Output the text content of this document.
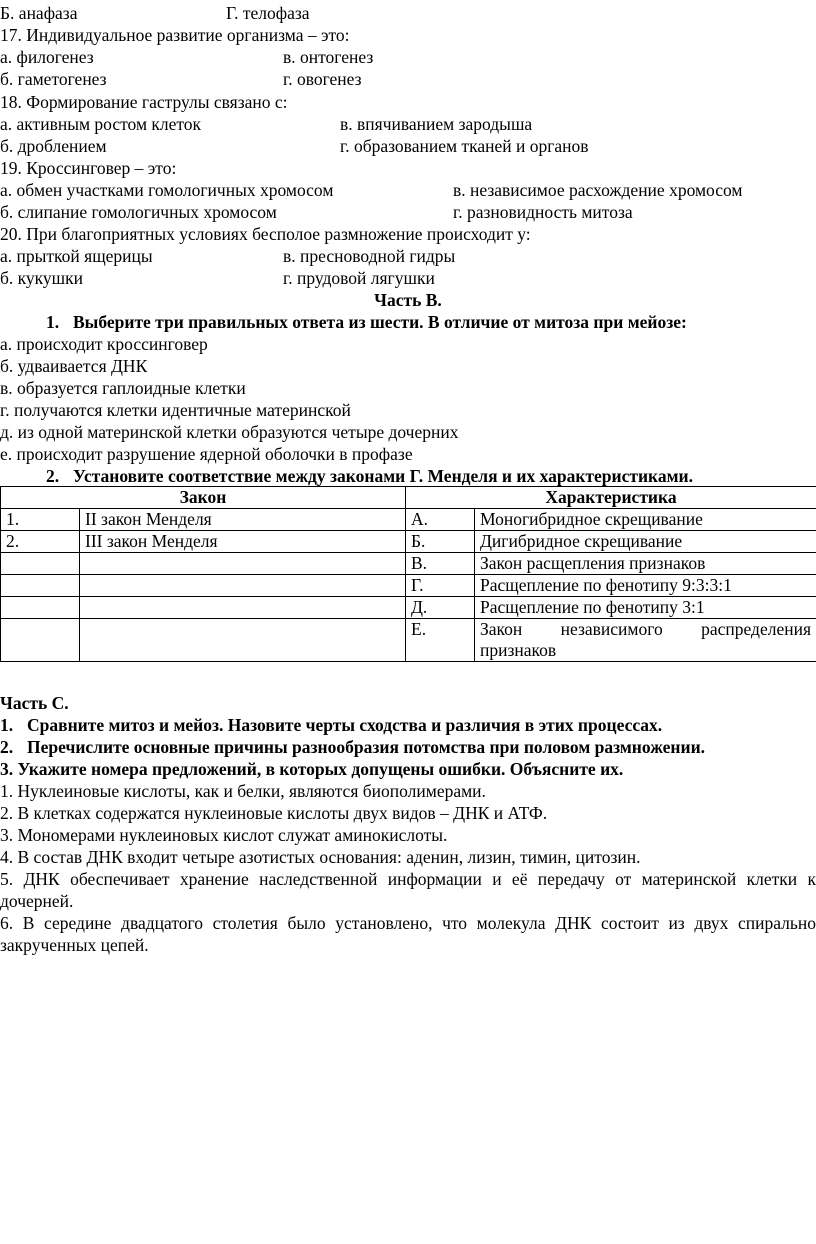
Б. анафаза	Г. телофаза
17. Индивидуальное развитие организма – это:
а. филогенез	в. онтогенез
б. гаметогенез	г. овогенез
18. Формирование гаструлы связано с:
а. активным ростом клеток	в. впячиванием зародыша
б. дроблением	г. образованием тканей и органов
19. Кроссинговер – это:
а. обмен участками гомологичных хромосом	в. независимое расхождение хромосом
б. слипание гомологичных хромосом	г. разновидность митоза
20. При благоприятных условиях бесполое размножение происходит у:
а. прыткой ящерицы	в. пресноводной гидры
б. кукушки	г. прудовой лягушки
Часть В.
1. Выберите три правильных ответа из шести. В отличие от митоза при мейозе:
а. происходит кроссинговер
б. удваивается ДНК
в. образуется гаплоидные клетки
г. получаются клетки идентичные материнской
д. из одной материнской клетки образуются четыре дочерних
е. происходит разрушение ядерной оболочки в профазе
2. Установите соответствие между законами Г. Менделя и их характеристиками.
Закон		Характеристика	
1.	II закон Менделя	А.	Моногибридное скрещивание
2.	III закон Менделя	Б.	Дигибридное скрещивание
		В.	Закон расщепления признаков
		Г.	Расщепление по фенотипу 9:3:3:1
		Д.	Расщепление по фенотипу 3:1
		Е.	Закон независимого распределения
признаков
Часть С.
1. Сравните митоз и мейоз. Назовите черты сходства и различия в этих процессах.
2. Перечислите основные причины разнообразия потомства при половом размножении.
3. Укажите номера предложений, в которых допущены ошибки. Объясните их.
1. Нуклеиновые кислоты, как и белки, являются биополимерами.
2. В клетках содержатся нуклеиновые кислоты двух видов – ДНК и АТФ.
3. Мономерами нуклеиновых кислот служат аминокислоты.
4. В состав ДНК входит четыре азотистых основания: аденин, лизин, тимин, цитозин.
5. ДНК обеспечивает хранение наследственной информации и её передачу от материнской клетки к дочерней.
6. В середине двадцатого столетия было установлено, что молекула ДНК состоит из двух спирально закрученных цепей.
